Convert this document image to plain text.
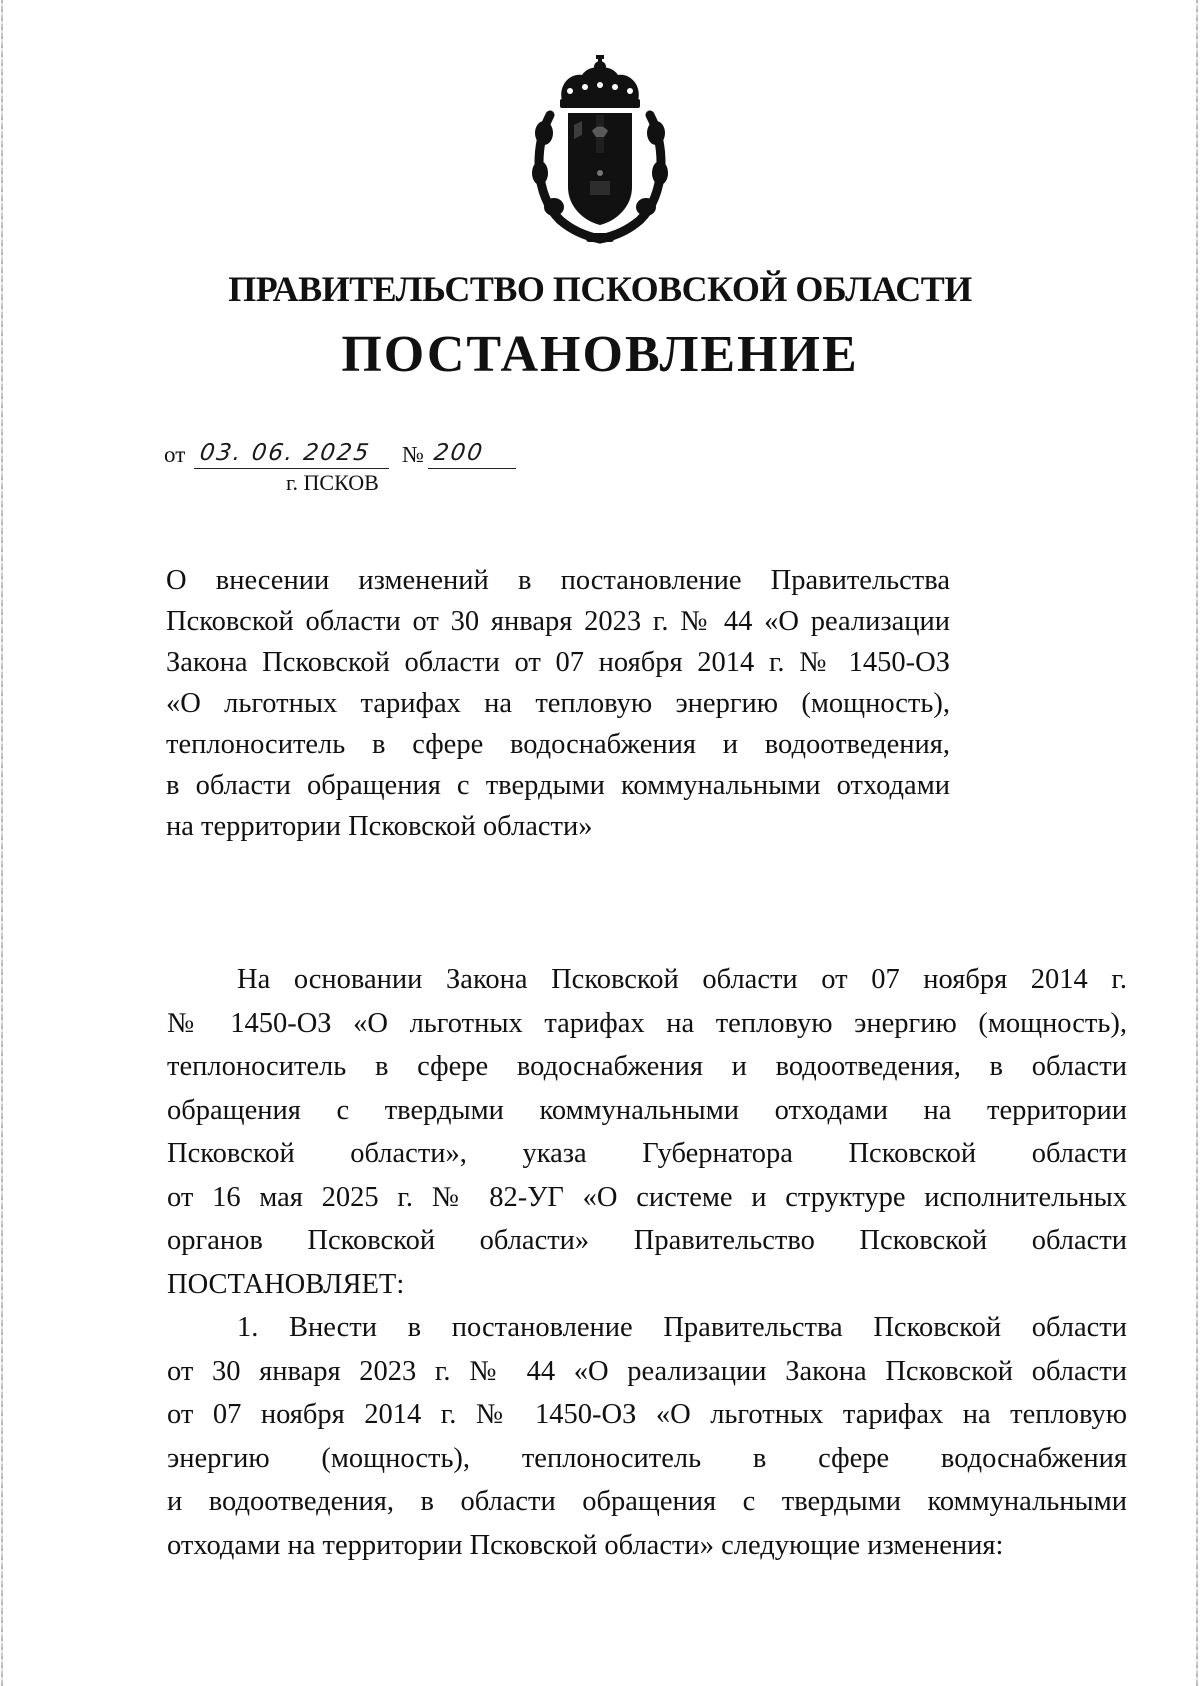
ПРАВИТЕЛЬСТВО ПСКОВСКОЙ ОБЛАСТИ
ПОСТАНОВЛЕНИЕ
от 03. 06. 2025 № 200
г. ПСКОВ

О внесении изменений в постановление Правительства

Псковской области от 30 января 2023 г. № 44 «О реализации

Закона Псковской области от 07 ноября 2014 г. № 1450-ОЗ

«О льготных тарифах на тепловую энергию (мощность),

теплоноситель в сфере водоснабжения и водоотведения,

в области обращения с твердыми коммунальными отходами

на территории Псковской области»

На основании Закона Псковской области от 07 ноября 2014 г.

№ 1450-ОЗ «О льготных тарифах на тепловую энергию (мощность),

теплоноситель в сфере водоснабжения и водоотведения, в области

обращения с твердыми коммунальными отходами на территории

Псковской области», указа Губернатора Псковской области

от 16 мая 2025 г. № 82-УГ «О системе и структуре исполнительных

органов Псковской области» Правительство Псковской области

ПОСТАНОВЛЯЕТ:

1. Внести в постановление Правительства Псковской области

от 30 января 2023 г. № 44 «О реализации Закона Псковской области

от 07 ноября 2014 г. № 1450-ОЗ «О льготных тарифах на тепловую

энергию (мощность), теплоноситель в сфере водоснабжения

и водоотведения, в области обращения с твердыми коммунальными

отходами на территории Псковской области» следующие изменения:
